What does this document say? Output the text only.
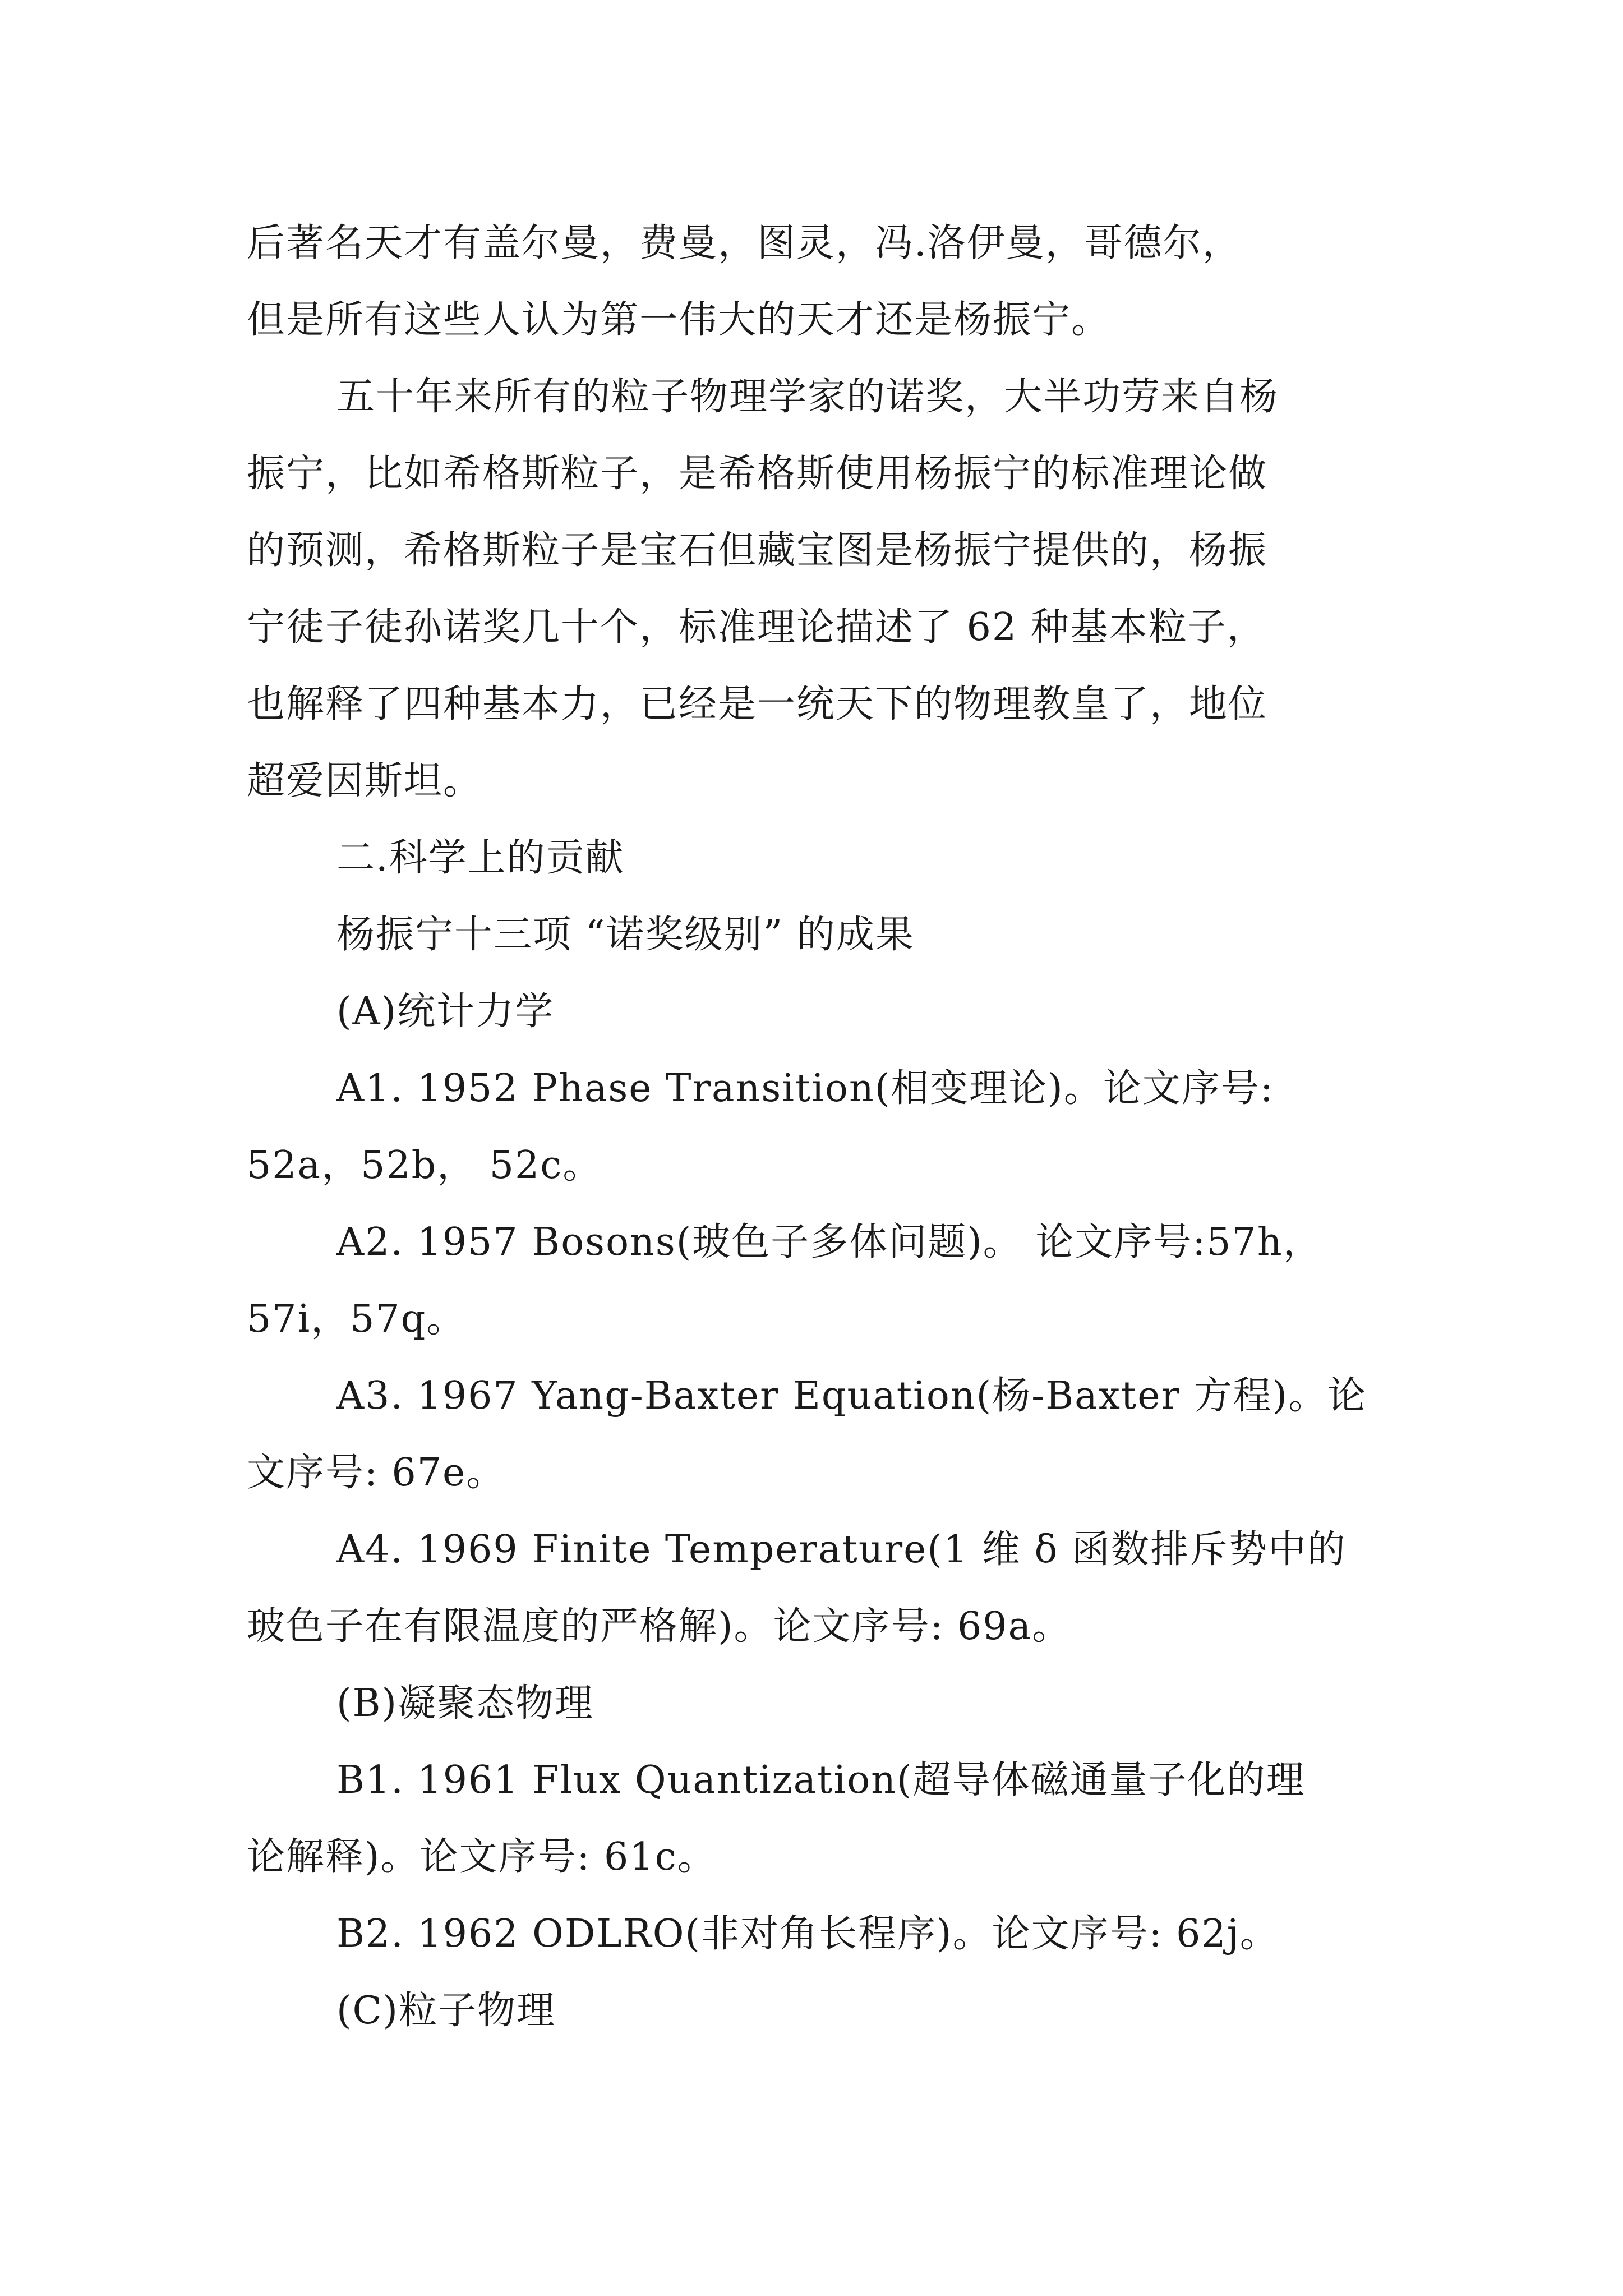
后著名天才有盖尔曼，费曼，图灵，冯.洛伊曼，哥德尔，
但是所有这些人认为第一伟大的天才还是杨振宁。
五十年来所有的粒子物理学家的诺奖，大半功劳来自杨
振宁，比如希格斯粒子，是希格斯使用杨振宁的标准理论做
的预测，希格斯粒子是宝石但藏宝图是杨振宁提供的，杨振
宁徒子徒孙诺奖几十个，标准理论描述了 62 种基本粒子，
也解释了四种基本力，已经是一统天下的物理教皇了，地位
超爱因斯坦。
二.科学上的贡献
杨振宁十三项 “诺奖级别” 的成果
(A)统计力学
A1. 1952 Phase Transition(相变理论)。论文序号:
52a，52b， 52c。
A2. 1957 Bosons(玻色子多体问题)。 论文序号:57h，
57i，57q。
A3. 1967 Yang-Baxter Equation(杨-Baxter 方程)。论
文序号: 67e。
A4. 1969 Finite Temperature(1 维 δ 函数排斥势中的
玻色子在有限温度的严格解)。论文序号: 69a。
(B)凝聚态物理
B1. 1961 Flux Quantization(超导体磁通量子化的理
论解释)。论文序号: 61c。
B2. 1962 ODLRO(非对角长程序)。论文序号: 62j。
(C)粒子物理
